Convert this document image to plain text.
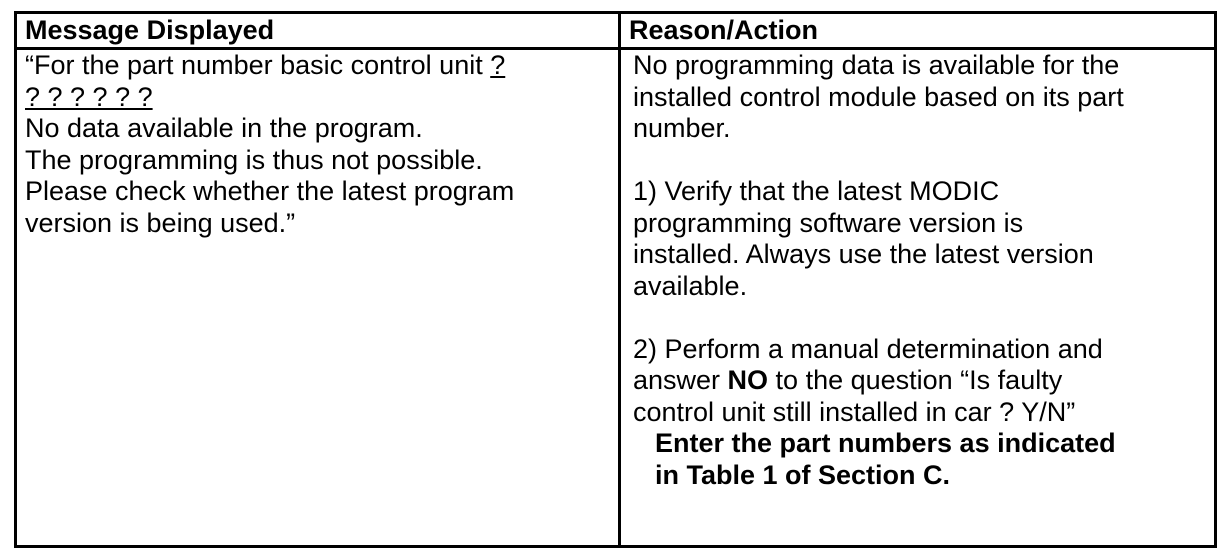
Message Displayed	Reason/Action
“For the part number basic control unit ?
? ? ? ? ? ?
No data available in the program.
The programming is thus not possible.
Please check whether the latest program
version is being used.”
No programming data is available for the
installed control module based on its part
number.
1) Verify that the latest MODIC
programming software version is
installed. Always use the latest version
available.
2) Perform a manual determination and
answer NO to the question “Is faulty
control unit still installed in car ? Y/N”
Enter the part numbers as indicated
in Table 1 of Section C.
